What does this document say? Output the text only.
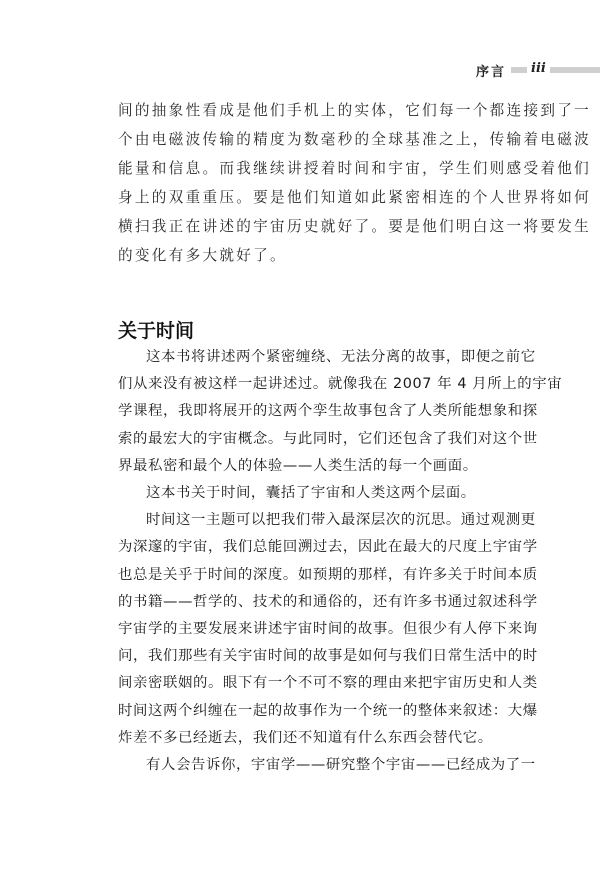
序言 iii
间的抽象性看成是他们手机上的实体，它们每一个都连接到了一
个由电磁波传输的精度为数毫秒的全球基准之上，传输着电磁波
能量和信息。而我继续讲授着时间和宇宙，学生们则感受着他们
身上的双重重压。要是他们知道如此紧密相连的个人世界将如何
横扫我正在讲述的宇宙历史就好了。要是他们明白这一将要发生
的变化有多大就好了。
关于时间
这本书将讲述两个紧密缠绕、无法分离的故事，即便之前它
们从来没有被这样一起讲述过。就像我在 2007 年 4 月所上的宇宙
学课程，我即将展开的这两个孪生故事包含了人类所能想象和探
索的最宏大的宇宙概念。与此同时，它们还包含了我们对这个世
界最私密和最个人的体验——人类生活的每一个画面。
这本书关于时间，囊括了宇宙和人类这两个层面。
时间这一主题可以把我们带入最深层次的沉思。通过观测更
为深邃的宇宙，我们总能回溯过去，因此在最大的尺度上宇宙学
也总是关乎于时间的深度。如预期的那样，有许多关于时间本质
的书籍——哲学的、技术的和通俗的，还有许多书通过叙述科学
宇宙学的主要发展来讲述宇宙时间的故事。但很少有人停下来询
问，我们那些有关宇宙时间的故事是如何与我们日常生活中的时
间亲密联姻的。眼下有一个不可不察的理由来把宇宙历史和人类
时间这两个纠缠在一起的故事作为一个统一的整体来叙述：大爆
炸差不多已经逝去，我们还不知道有什么东西会替代它。
有人会告诉你，宇宙学——研究整个宇宙——已经成为了一
